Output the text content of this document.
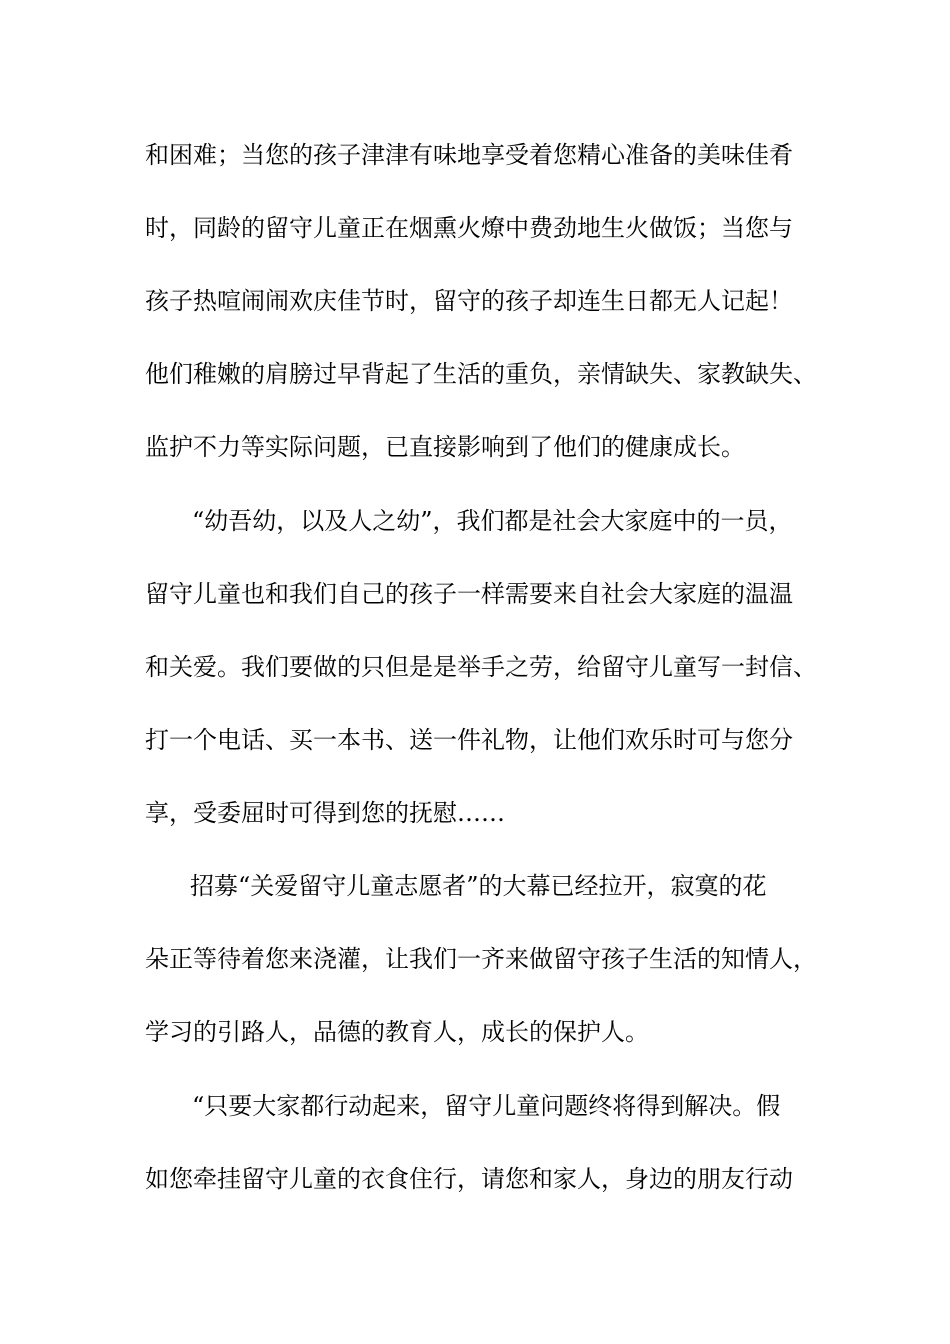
和困难；当您的孩子津津有味地享受着您精心准备的美味佳肴

时，同龄的留守儿童正在烟熏火燎中费劲地生火做饭；当您与

孩子热喧闹闹欢庆佳节时，留守的孩子却连生日都无人记起！

他们稚嫩的肩膀过早背起了生活的重负，亲情缺失、家教缺失、

监护不力等实际问题，已直接影响到了他们的健康成长。

“幼吾幼，以及人之幼”，我们都是社会大家庭中的一员，

留守儿童也和我们自己的孩子一样需要来自社会大家庭的温温

和关爱。我们要做的只但是是举手之劳，给留守儿童写一封信、

打一个电话、买一本书、送一件礼物，让他们欢乐时可与您分

享，受委屈时可得到您的抚慰……

招募“关爱留守儿童志愿者”的大幕已经拉开，寂寞的花

朵正等待着您来浇灌，让我们一齐来做留守孩子生活的知情人，

学习的引路人，品德的教育人，成长的保护人。

“只要大家都行动起来，留守儿童问题终将得到解决。假

如您牵挂留守儿童的衣食住行，请您和家人，身边的朋友行动
